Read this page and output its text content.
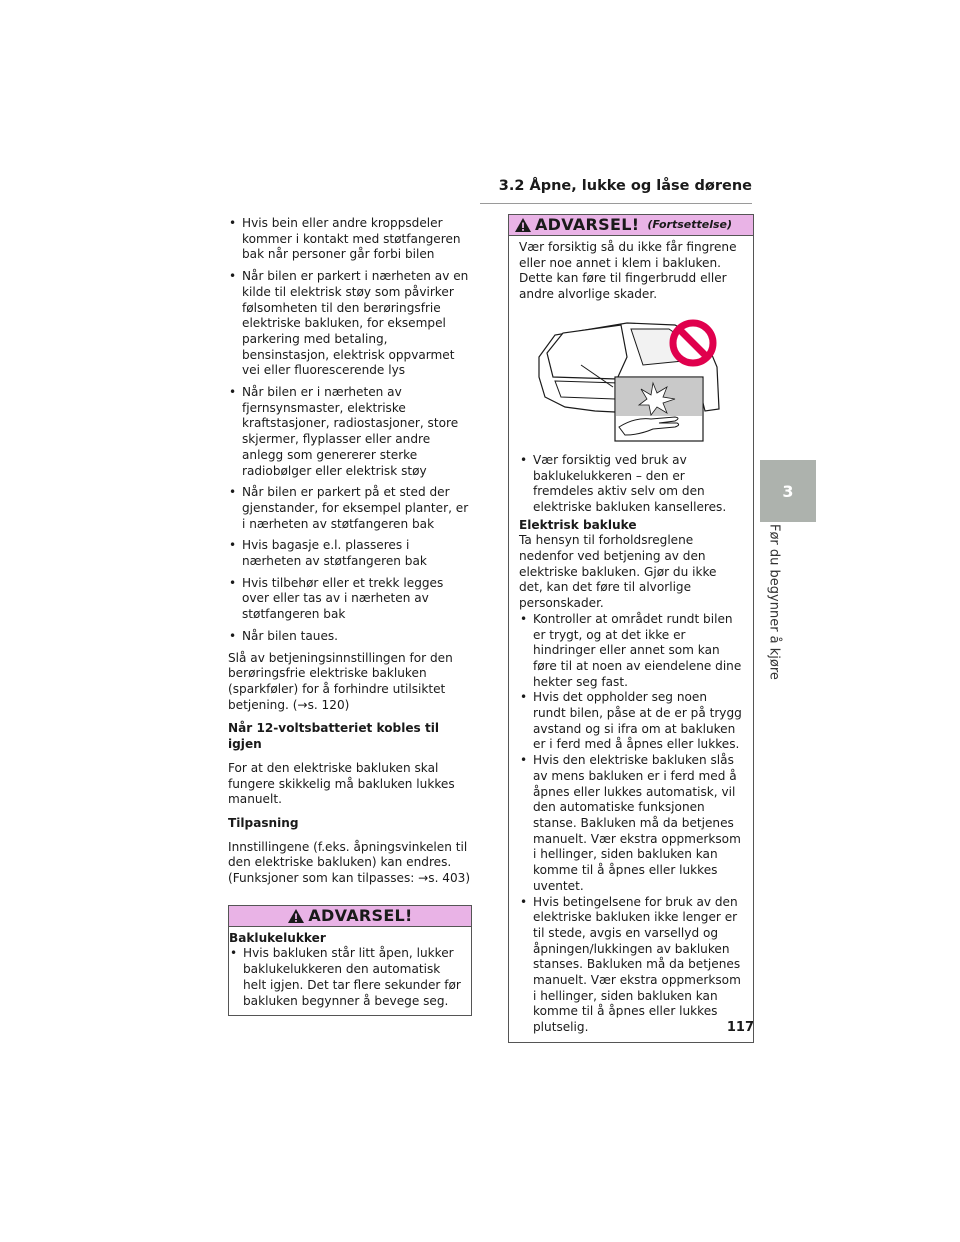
3.2 Åpne, lukke og låse dørene
• Hvis bein eller andre kroppsdeler kommer i kontakt med støtfangeren bak når personer går forbi bilen
• Når bilen er parkert i nærheten av en kilde til elektrisk støy som påvirker følsomheten til den berøringsfrie elektriske bakluken, for eksempel parkering med betaling, bensinstasjon, elektrisk oppvarmet vei eller fluorescerende lys
• Når bilen er i nærheten av fjernsynsmaster, elektriske kraftstasjoner, radiostasjoner, store skjermer, flyplasser eller andre anlegg som genererer sterke radiobølger eller elektrisk støy
• Når bilen er parkert på et sted der gjenstander, for eksempel planter, er i nærheten av støtfangeren bak
• Hvis bagasje e.l. plasseres i nærheten av støtfangeren bak
• Hvis tilbehør eller et trekk legges over eller tas av i nærheten av støtfangeren bak
• Når bilen taues.

Slå av betjeningsinnstillingen for den berøringsfrie elektriske bakluken (sparkføler) for å forhindre utilsiktet betjening. (→s. 120)

Når 12-voltsbatteriet kobles til igjen

For at den elektriske bakluken skal fungere skikkelig må bakluken lukkes manuelt.

Tilpasning

Innstillingene (f.eks. åpningsvinkelen til den elektriske bakluken) kan endres. (Funksjoner som kan tilpasses: →s. 403)

ADVARSEL!

Baklukelukker

• Hvis bakluken står litt åpen, lukker baklukelukkeren den automatisk helt igjen. Det tar flere sekunder før bakluken begynner å bevege seg.
ADVARSEL! (Fortsettelse)

Vær forsiktig så du ikke får fingrene eller noe annet i klem i bakluken. Dette kan føre til fingerbrudd eller andre alvorlige skader.

• Vær forsiktig ved bruk av baklukelukkeren – den er fremdeles aktiv selv om den elektriske bakluken kanselleres.

Elektrisk bakluke

Ta hensyn til forholdsreglene nedenfor ved betjening av den elektriske bakluken. Gjør du ikke det, kan det føre til alvorlige personskader.

• Kontroller at området rundt bilen er trygt, og at det ikke er hindringer eller annet som kan føre til at noen av eiendelene dine hekter seg fast.
• Hvis det oppholder seg noen rundt bilen, påse at de er på trygg avstand og si ifra om at bakluken er i ferd med å åpnes eller lukkes.
• Hvis den elektriske bakluken slås av mens bakluken er i ferd med å åpnes eller lukkes automatisk, vil den automatiske funksjonen stanse. Bakluken må da betjenes manuelt. Vær ekstra oppmerksom i hellinger, siden bakluken kan komme til å åpnes eller lukkes uventet.
• Hvis betingelsene for bruk av den elektriske bakluken ikke lenger er til stede, avgis en varsellyd og åpningen/lukkingen av bakluken stanses. Bakluken må da betjenes manuelt. Vær ekstra oppmerksom i hellinger, siden bakluken kan komme til å åpnes eller lukkes plutselig.
3
Før du begynner å kjøre
117
